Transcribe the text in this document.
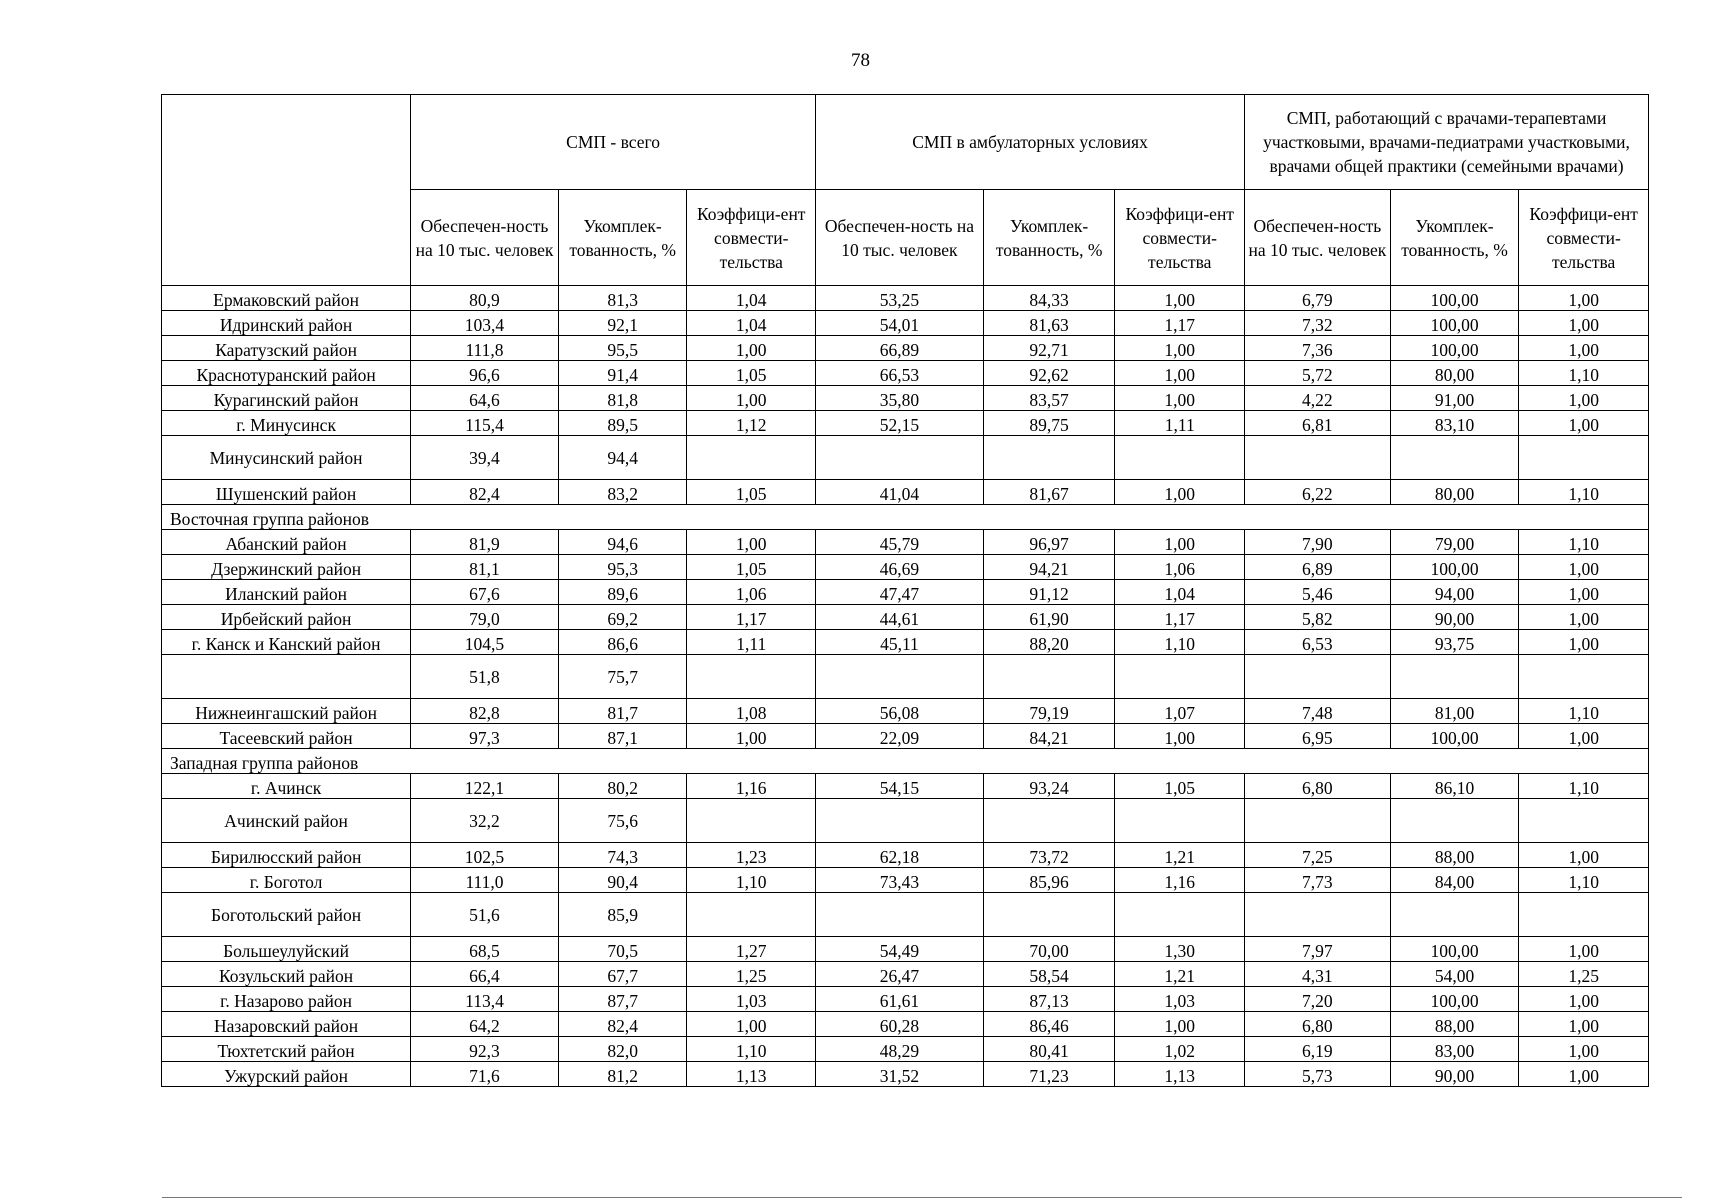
78
	СМП - всего			СМП в амбулаторных условиях			СМП, работающий с врачами-терапевтами участковыми, врачами-педиатрами участковыми, врачами общей практики (семейными врачами)		
	Обеспечен-ность на 10 тыс. человек	Укомплек-тованность, %	Коэффици-ент совмести-тельства	Обеспечен-ность на 10 тыс. человек	Укомплек-тованность, %	Коэффици-ент совмести-тельства	Обеспечен-ность на 10 тыс. человек	Укомплек-тованность, %	Коэффици-ент совмести-тельства
Ермаковский район	80,9	81,3	1,04	53,25	84,33	1,00	6,79	100,00	1,00
Идринский район	103,4	92,1	1,04	54,01	81,63	1,17	7,32	100,00	1,00
Каратузский район	111,8	95,5	1,00	66,89	92,71	1,00	7,36	100,00	1,00
Краснотуранский район	96,6	91,4	1,05	66,53	92,62	1,00	5,72	80,00	1,10
Курагинский район	64,6	81,8	1,00	35,80	83,57	1,00	4,22	91,00	1,00
г. Минусинск	115,4	89,5	1,12	52,15	89,75	1,11	6,81	83,10	1,00
Минусинский район	39,4	94,4							
Шушенский район	82,4	83,2	1,05	41,04	81,67	1,00	6,22	80,00	1,10
Восточная группа районов									
Абанский район	81,9	94,6	1,00	45,79	96,97	1,00	7,90	79,00	1,10
Дзержинский район	81,1	95,3	1,05	46,69	94,21	1,06	6,89	100,00	1,00
Иланский район	67,6	89,6	1,06	47,47	91,12	1,04	5,46	94,00	1,00
Ирбейский район	79,0	69,2	1,17	44,61	61,90	1,17	5,82	90,00	1,00
г. Канск и Канский район	104,5	86,6	1,11	45,11	88,20	1,10	6,53	93,75	1,00
	51,8	75,7							
Нижнеингашский район	82,8	81,7	1,08	56,08	79,19	1,07	7,48	81,00	1,10
Тасеевский район	97,3	87,1	1,00	22,09	84,21	1,00	6,95	100,00	1,00
Западная группа районов									
г. Ачинск	122,1	80,2	1,16	54,15	93,24	1,05	6,80	86,10	1,10
Ачинский район	32,2	75,6							
Бирилюсский район	102,5	74,3	1,23	62,18	73,72	1,21	7,25	88,00	1,00
г. Боготол	111,0	90,4	1,10	73,43	85,96	1,16	7,73	84,00	1,10
Боготольский район	51,6	85,9							
Большеулуйский	68,5	70,5	1,27	54,49	70,00	1,30	7,97	100,00	1,00
Козульский район	66,4	67,7	1,25	26,47	58,54	1,21	4,31	54,00	1,25
г. Назарово район	113,4	87,7	1,03	61,61	87,13	1,03	7,20	100,00	1,00
Назаровский район	64,2	82,4	1,00	60,28	86,46	1,00	6,80	88,00	1,00
Тюхтетский район	92,3	82,0	1,10	48,29	80,41	1,02	6,19	83,00	1,00
Ужурский район	71,6	81,2	1,13	31,52	71,23	1,13	5,73	90,00	1,00
